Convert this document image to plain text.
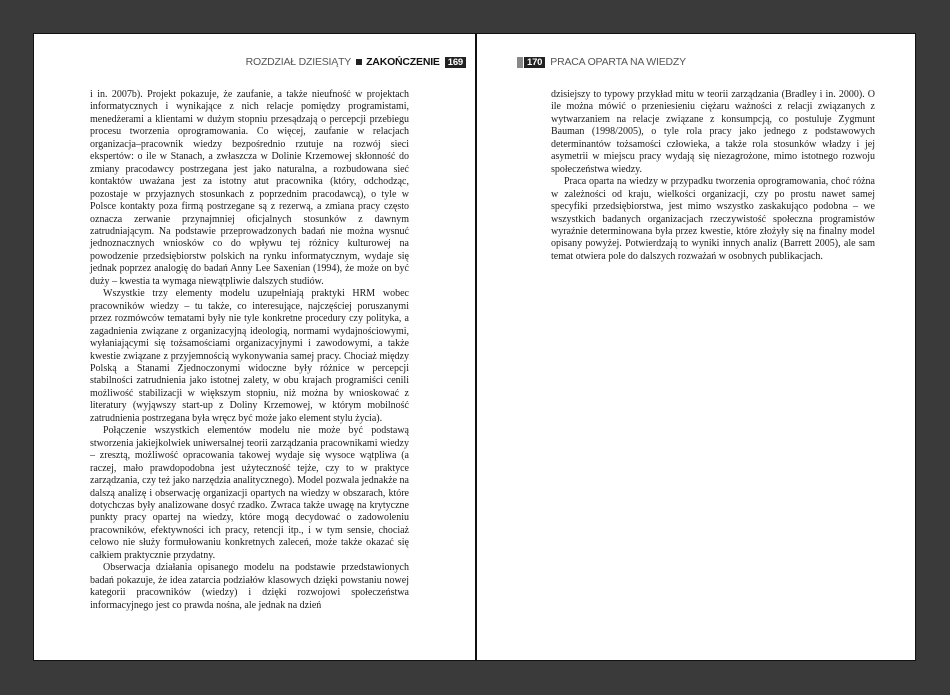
ROZDZIAŁ DZIESIĄTY ZAKOŃCZENIE 169

i in. 2007b). Projekt pokazuje, że zaufanie, a także nieufność w projektach informatycznych i wynikające z nich relacje pomiędzy programistami, menedżerami a klientami w dużym stopniu przesądzają o percepcji przebiegu procesu tworzenia oprogramowania. Co więcej, zaufanie w relacjach organizacja–pracownik wiedzy bezpośrednio rzutuje na rozwój sieci ekspertów: o ile w Stanach, a zwłaszcza w Dolinie Krzemowej skłonność do zmiany pracodawcy postrzegana jest jako naturalna, a rozbudowana sieć kontaktów uważana jest za istotny atut pracownika (który, odchodząc, pozostaje w przyjaznych stosunkach z poprzednim pracodawcą), o tyle w Polsce kontakty poza firmą postrzegane są z rezerwą, a zmiana pracy często oznacza zerwanie przynajmniej oficjalnych stosunków z dawnym zatrudniającym. Na podstawie przeprowadzonych badań nie można wysnuć jednoznacznych wniosków co do wpływu tej różnicy kulturowej na powodzenie przedsiębiorstw polskich na rynku informatycznym, wydaje się jednak poprzez analogię do badań Anny Lee Saxenian (1994), że może on być duży – kwestia ta wymaga niewątpliwie dalszych studiów.

Wszystkie trzy elementy modelu uzupełniają praktyki HRM wobec pracowników wiedzy – tu także, co interesujące, najczęściej poruszanymi przez rozmówców tematami były nie tyle konkretne procedury czy polityka, a zagadnienia związane z organizacyjną ideologią, normami wydajnościowymi, wyłaniającymi się tożsamościami organizacyjnymi i zawodowymi, a także kwestie związane z przyjemnością wykonywania samej pracy. Chociaż między Polską a Stanami Zjednoczonymi widoczne były różnice w percepcji stabilności zatrudnienia jako istotnej zalety, w obu krajach programiści cenili możliwość stabilizacji w większym stopniu, niż można by wnioskować z literatury (wyjąwszy start-up z Doliny Krzemowej, w którym mobilność zatrudnienia postrzegana była wręcz być może jako element stylu życia).

Połączenie wszystkich elementów modelu nie może być podstawą stworzenia jakiejkolwiek uniwersalnej teorii zarządzania pracownikami wiedzy – zresztą, możliwość opracowania takowej wydaje się wysoce wątpliwa (a raczej, mało prawdopodobna jest użyteczność tejże, czy to w praktyce zarządzania, czy też jako narzędzia analitycznego). Model pozwala jednakże na dalszą analizę i obserwację organizacji opartych na wiedzy w obszarach, które dotychczas były analizowane dosyć rzadko. Zwraca także uwagę na krytyczne punkty pracy opartej na wiedzy, które mogą decydować o zadowoleniu pracowników, efektywności ich pracy, retencji itp., i w tym sensie, chociaż celowo nie służy formułowaniu konkretnych zaleceń, może także okazać się całkiem praktycznie przydatny.

Obserwacja działania opisanego modelu na podstawie przedstawionych badań pokazuje, że idea zatarcia podziałów klasowych dzięki powstaniu nowej kategorii pracowników (wiedzy) i dzięki rozwojowi społeczeństwa informacyjnego jest co prawda nośna, ale jednak na dzień

170 PRACA OPARTA NA WIEDZY

dzisiejszy to typowy przykład mitu w teorii zarządzania (Bradley i in. 2000). O ile można mówić o przeniesieniu ciężaru ważności z relacji związanych z wytwarzaniem na relacje związane z konsumpcją, co postuluje Zygmunt Bauman (1998/2005), o tyle rola pracy jako jednego z podstawowych determinantów tożsamości człowieka, a także rola stosunków władzy i jej asymetrii w miejscu pracy wydają się niezagrożone, mimo istotnego rozwoju społeczeństwa wiedzy.

Praca oparta na wiedzy w przypadku tworzenia oprogramowania, choć różna w zależności od kraju, wielkości organizacji, czy po prostu nawet samej specyfiki przedsiębiorstwa, jest mimo wszystko zaskakująco podobna – we wszystkich badanych organizacjach rzeczywistość społeczna programistów wyraźnie determinowana była przez kwestie, które złożyły się na finalny model opisany powyżej. Potwierdzają to wyniki innych analiz (Barrett 2005), ale sam temat otwiera pole do dalszych rozważań w osobnych publikacjach.
